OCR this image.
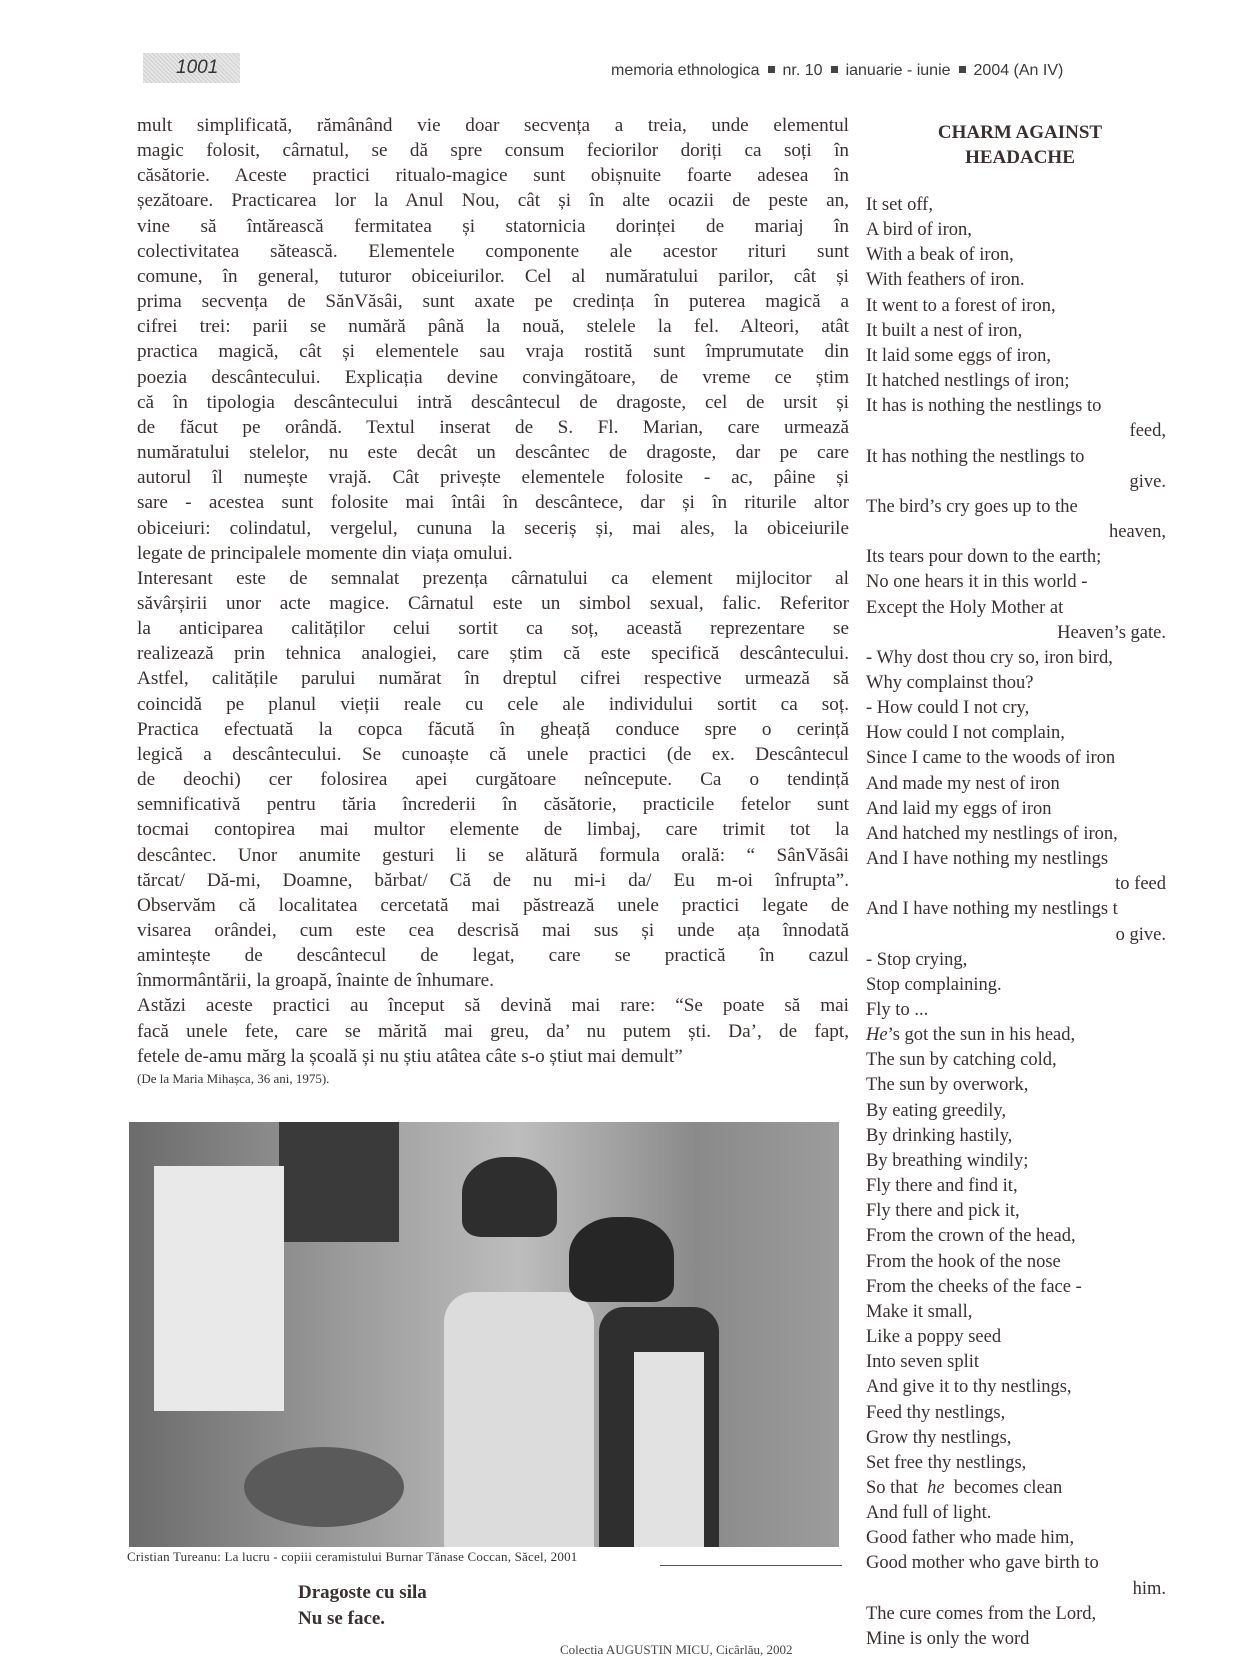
1001	memoria ethnologica nr. 10 ianuarie - iunie 2004 (An IV)

mult simplificată, rămânând vie doar secvența a treia, unde elementul
magic folosit, cârnatul, se dă spre consum feciorilor doriți ca soți în
căsătorie. Aceste practici ritualo-magice sunt obișnuite foarte adesea în
șezătoare. Practicarea lor la Anul Nou, cât și în alte ocazii de peste an,
vine să întărească fermitatea și statornicia dorinței de mariaj în
colectivitatea sătească. Elementele componente ale acestor rituri sunt
comune, în general, tuturor obiceiurilor. Cel al număratului parilor, cât și
prima secvența de SănVăsâi, sunt axate pe credința în puterea magică a
cifrei trei: parii se numără până la nouă, stelele la fel. Alteori, atât
practica magică, cât și elementele sau vraja rostită sunt împrumutate din
poezia descântecului. Explicația devine convingătoare, de vreme ce știm
că în tipologia descântecului intră descântecul de dragoste, cel de ursit și
de făcut pe orândă. Textul inserat de S. Fl. Marian, care urmează
număratului stelelor, nu este decât un descântec de dragoste, dar pe care
autorul îl numește vrajă. Cât privește elementele folosite - ac, pâine și
sare - acestea sunt folosite mai întâi în descântece, dar și în riturile altor
obiceiuri: colindatul, vergelul, cununa la seceriș și, mai ales, la obiceiurile
legate de principalele momente din viața omului.

Interesant este de semnalat prezența cârnatului ca element mijlocitor al
săvârșirii unor acte magice. Cârnatul este un simbol sexual, falic. Referitor
la anticiparea calităților celui sortit ca soț, această reprezentare se
realizează prin tehnica analogiei, care știm că este specifică descântecului.
Astfel, calitățile parului numărat în dreptul cifrei respective urmează să
coincidă pe planul vieții reale cu cele ale individului sortit ca soț.
Practica efectuată la copca făcută în gheață conduce spre o cerință
legică a descântecului. Se cunoaște că unele practici (de ex. Descântecul
de deochi) cer folosirea apei curgătoare neîncepute. Ca o tendință
semnificativă pentru tăria încrederii în căsătorie, practicile fetelor sunt
tocmai contopirea mai multor elemente de limbaj, care trimit tot la
descântec. Unor anumite gesturi li se alătură formula orală: “ SânVăsâi
tărcat/ Dă-mi, Doamne, bărbat/ Că de nu mi-i da/ Eu m-oi înfrupta”.
Observăm că localitatea cercetată mai păstrează unele practici legate de
visarea orândei, cum este cea descrisă mai sus și unde ața înnodată
amintește de descântecul de legat, care se practică în cazul
înmormântării, la groapă, înainte de înhumare.

Astăzi aceste practici au început să devină mai rare: “Se poate să mai
facă unele fete, care se mărită mai greu, da’ nu putem ști. Da’, de fapt,
fetele de-amu mărg la școală și nu știu atâtea câte s-o știut mai demult”

(De la Maria Mihașca, 36 ani, 1975).
Cristian Tureanu: La lucru - copiii ceramistului Burnar Tănase Coccan, Săcel, 2001
Dragoste cu sila
Nu se face.
Colectia AUGUSTIN MICU, Cicârlău, 2002
CHARM AGAINST
HEADACHE
It set off,
A bird of iron,
With a beak of iron,
With feathers of iron.
It went to a forest of iron,
It built a nest of iron,
It laid some eggs of iron,
It hatched nestlings of iron;
It has is nothing the nestlings to
feed,
It has nothing the nestlings to
give.
The bird’s cry goes up to the
heaven,
Its tears pour down to the earth;
No one hears it in this world -
Except the Holy Mother at
Heaven’s gate.
- Why dost thou cry so, iron bird,
Why complainst thou?
- How could I not cry,
How could I not complain,
Since I came to the woods of iron
And made my nest of iron
And laid my eggs of iron
And hatched my nestlings of iron,
And I have nothing my nestlings
to feed
And I have nothing my nestlings t
o give.
- Stop crying,
Stop complaining.
Fly to ...
He’s got the sun in his head,
The sun by catching cold,
The sun by overwork,
By eating greedily,
By drinking hastily,
By breathing windily;
Fly there and find it,
Fly there and pick it,
From the crown of the head,
From the hook of the nose
From the cheeks of the face -
Make it small,
Like a poppy seed
Into seven split
And give it to thy nestlings,
Feed thy nestlings,
Grow thy nestlings,
Set free thy nestlings,
So that  he  becomes clean
And full of light.
Good father who made him,
Good mother who gave birth to
him.
The cure comes from the Lord,
Mine is only the word
